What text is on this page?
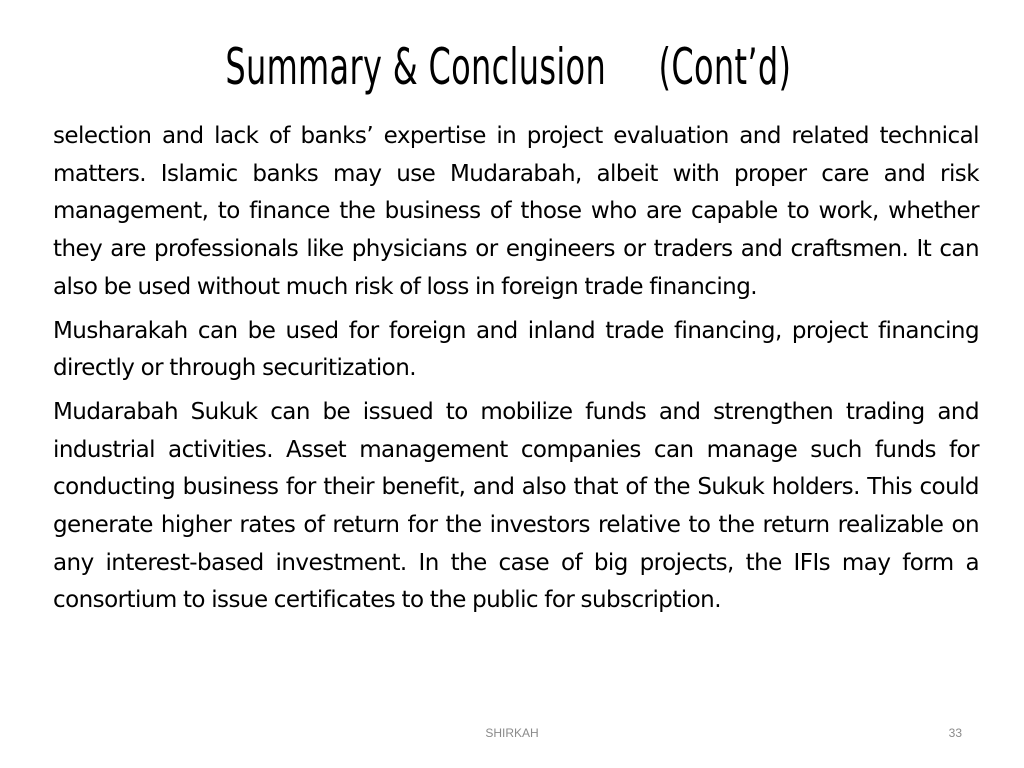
Summary & Conclusion     (Cont’d)

selection and lack of banks’ expertise in project evaluation and related technical matters. Islamic banks may use Mudarabah, albeit with proper care and risk management, to finance the business of those who are capable to work, whether they are professionals like physicians or engineers or traders and craftsmen. It can also be used without much risk of loss in foreign trade financing.

Musharakah can be used for foreign and inland trade financing, project financing directly or through securitization.

Mudarabah Sukuk can be issued to mobilize funds and strengthen trading and industrial activities. Asset management companies can manage such funds for conducting business for their benefit, and also that of the Sukuk holders. This could generate higher rates of return for the investors relative to the return realizable on any interest-based investment. In the case of big projects, the IFIs may form a consortium to issue certificates to the public for subscription.

SHIRKAH	33
